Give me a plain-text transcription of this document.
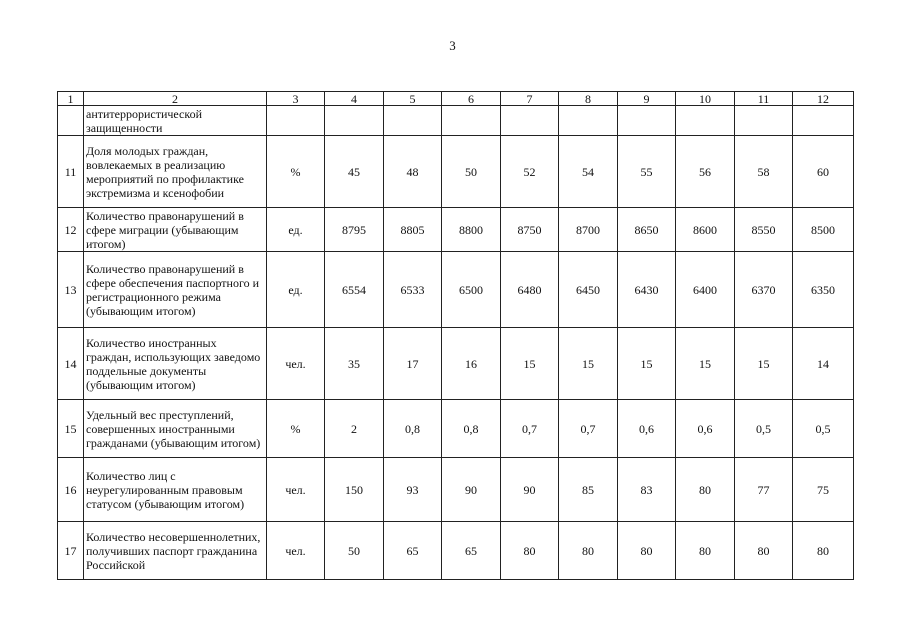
3
1	2	3	4	5	6	7	8	9	10	11	12
	антитеррористической защищенности										
11	Доля молодых граждан, вовлекаемых в реализацию мероприятий по профилактике экстремизма и ксенофобии	%	45	48	50	52	54	55	56	58	60
12	Количество правонарушений в сфере миграции (убывающим итогом)	ед.	8795	8805	8800	8750	8700	8650	8600	8550	8500
13	Количество правонарушений в сфере обеспечения паспортного и регистрационного режима (убывающим итогом)	ед.	6554	6533	6500	6480	6450	6430	6400	6370	6350
14	Количество иностранных граждан, использующих заведомо поддельные документы (убывающим итогом)	чел.	35	17	16	15	15	15	15	15	14
15	Удельный вес преступлений, совершенных иностранными гражданами (убывающим итогом)	%	2	0,8	0,8	0,7	0,7	0,6	0,6	0,5	0,5
16	Количество лиц с неурегулированным правовым статусом (убывающим итогом)	чел.	150	93	90	90	85	83	80	77	75
17	Количество несовершеннолетних, получивших паспорт гражданина Российской	чел.	50	65	65	80	80	80	80	80	80
